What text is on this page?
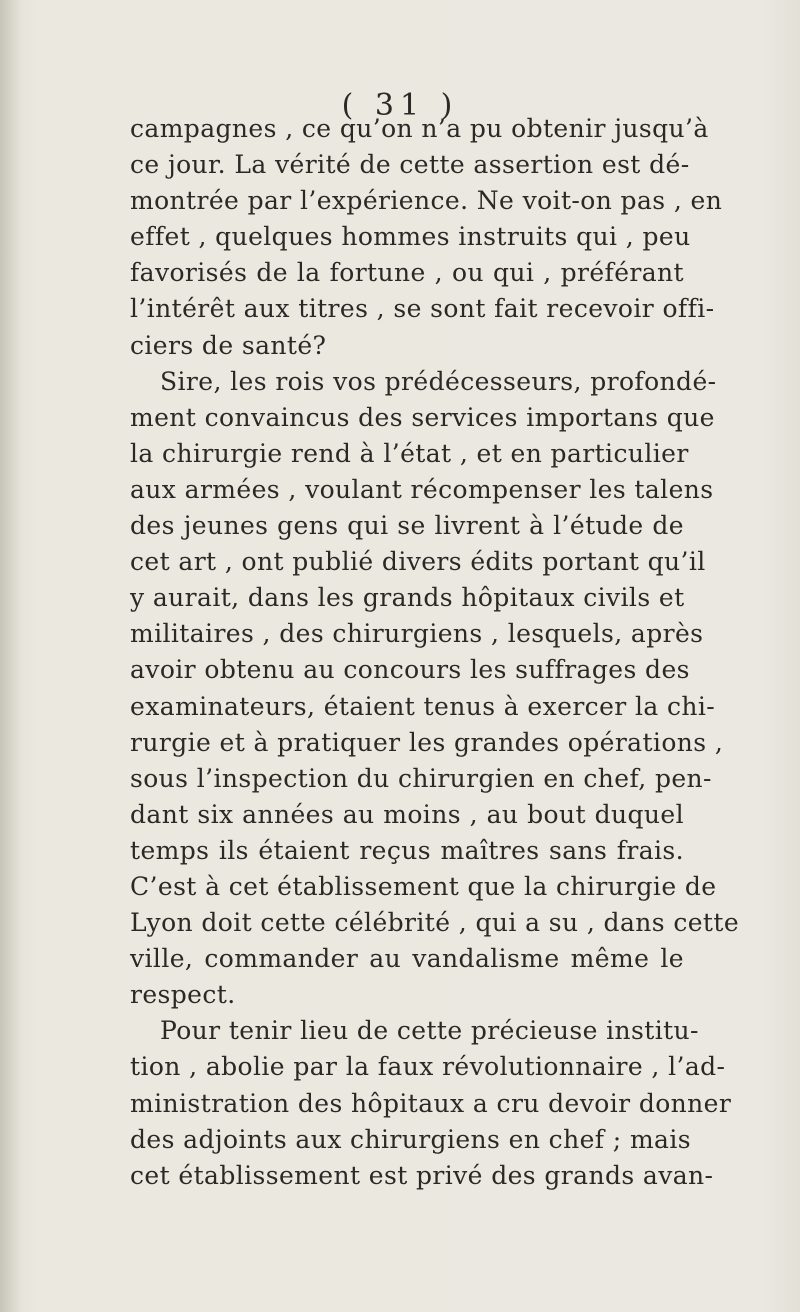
( 31 )
campagnes , ce qu’on n’a pu obtenir jusqu’à
ce jour. La vérité de cette assertion est dé-
montrée par l’expérience. Ne voit-on pas , en
effet , quelques hommes instruits qui , peu
favorisés de la fortune , ou qui , préférant
l’intérêt aux titres , se sont fait recevoir offi-
ciers de santé?
Sire, les rois vos prédécesseurs, profondé-
ment convaincus des services importans que
la chirurgie rend à l’état , et en particulier
aux armées , voulant récompenser les talens
des jeunes gens qui se livrent à l’étude de
cet art , ont publié divers édits portant qu’il
y aurait, dans les grands hôpitaux civils et
militaires , des chirurgiens , lesquels, après
avoir obtenu au concours les suffrages des
examinateurs, étaient tenus à exercer la chi-
rurgie et à pratiquer les grandes opérations ,
sous l’inspection du chirurgien en chef, pen-
dant six années au moins , au bout duquel
temps ils étaient reçus maîtres sans frais.
C’est à cet établissement que la chirurgie de
Lyon doit cette célébrité , qui a su , dans cette
ville, commander au vandalisme même le
respect.
Pour tenir lieu de cette précieuse institu-
tion , abolie par la faux révolutionnaire , l’ad-
ministration des hôpitaux a cru devoir donner
des adjoints aux chirurgiens en chef ; mais
cet établissement est privé des grands avan-
